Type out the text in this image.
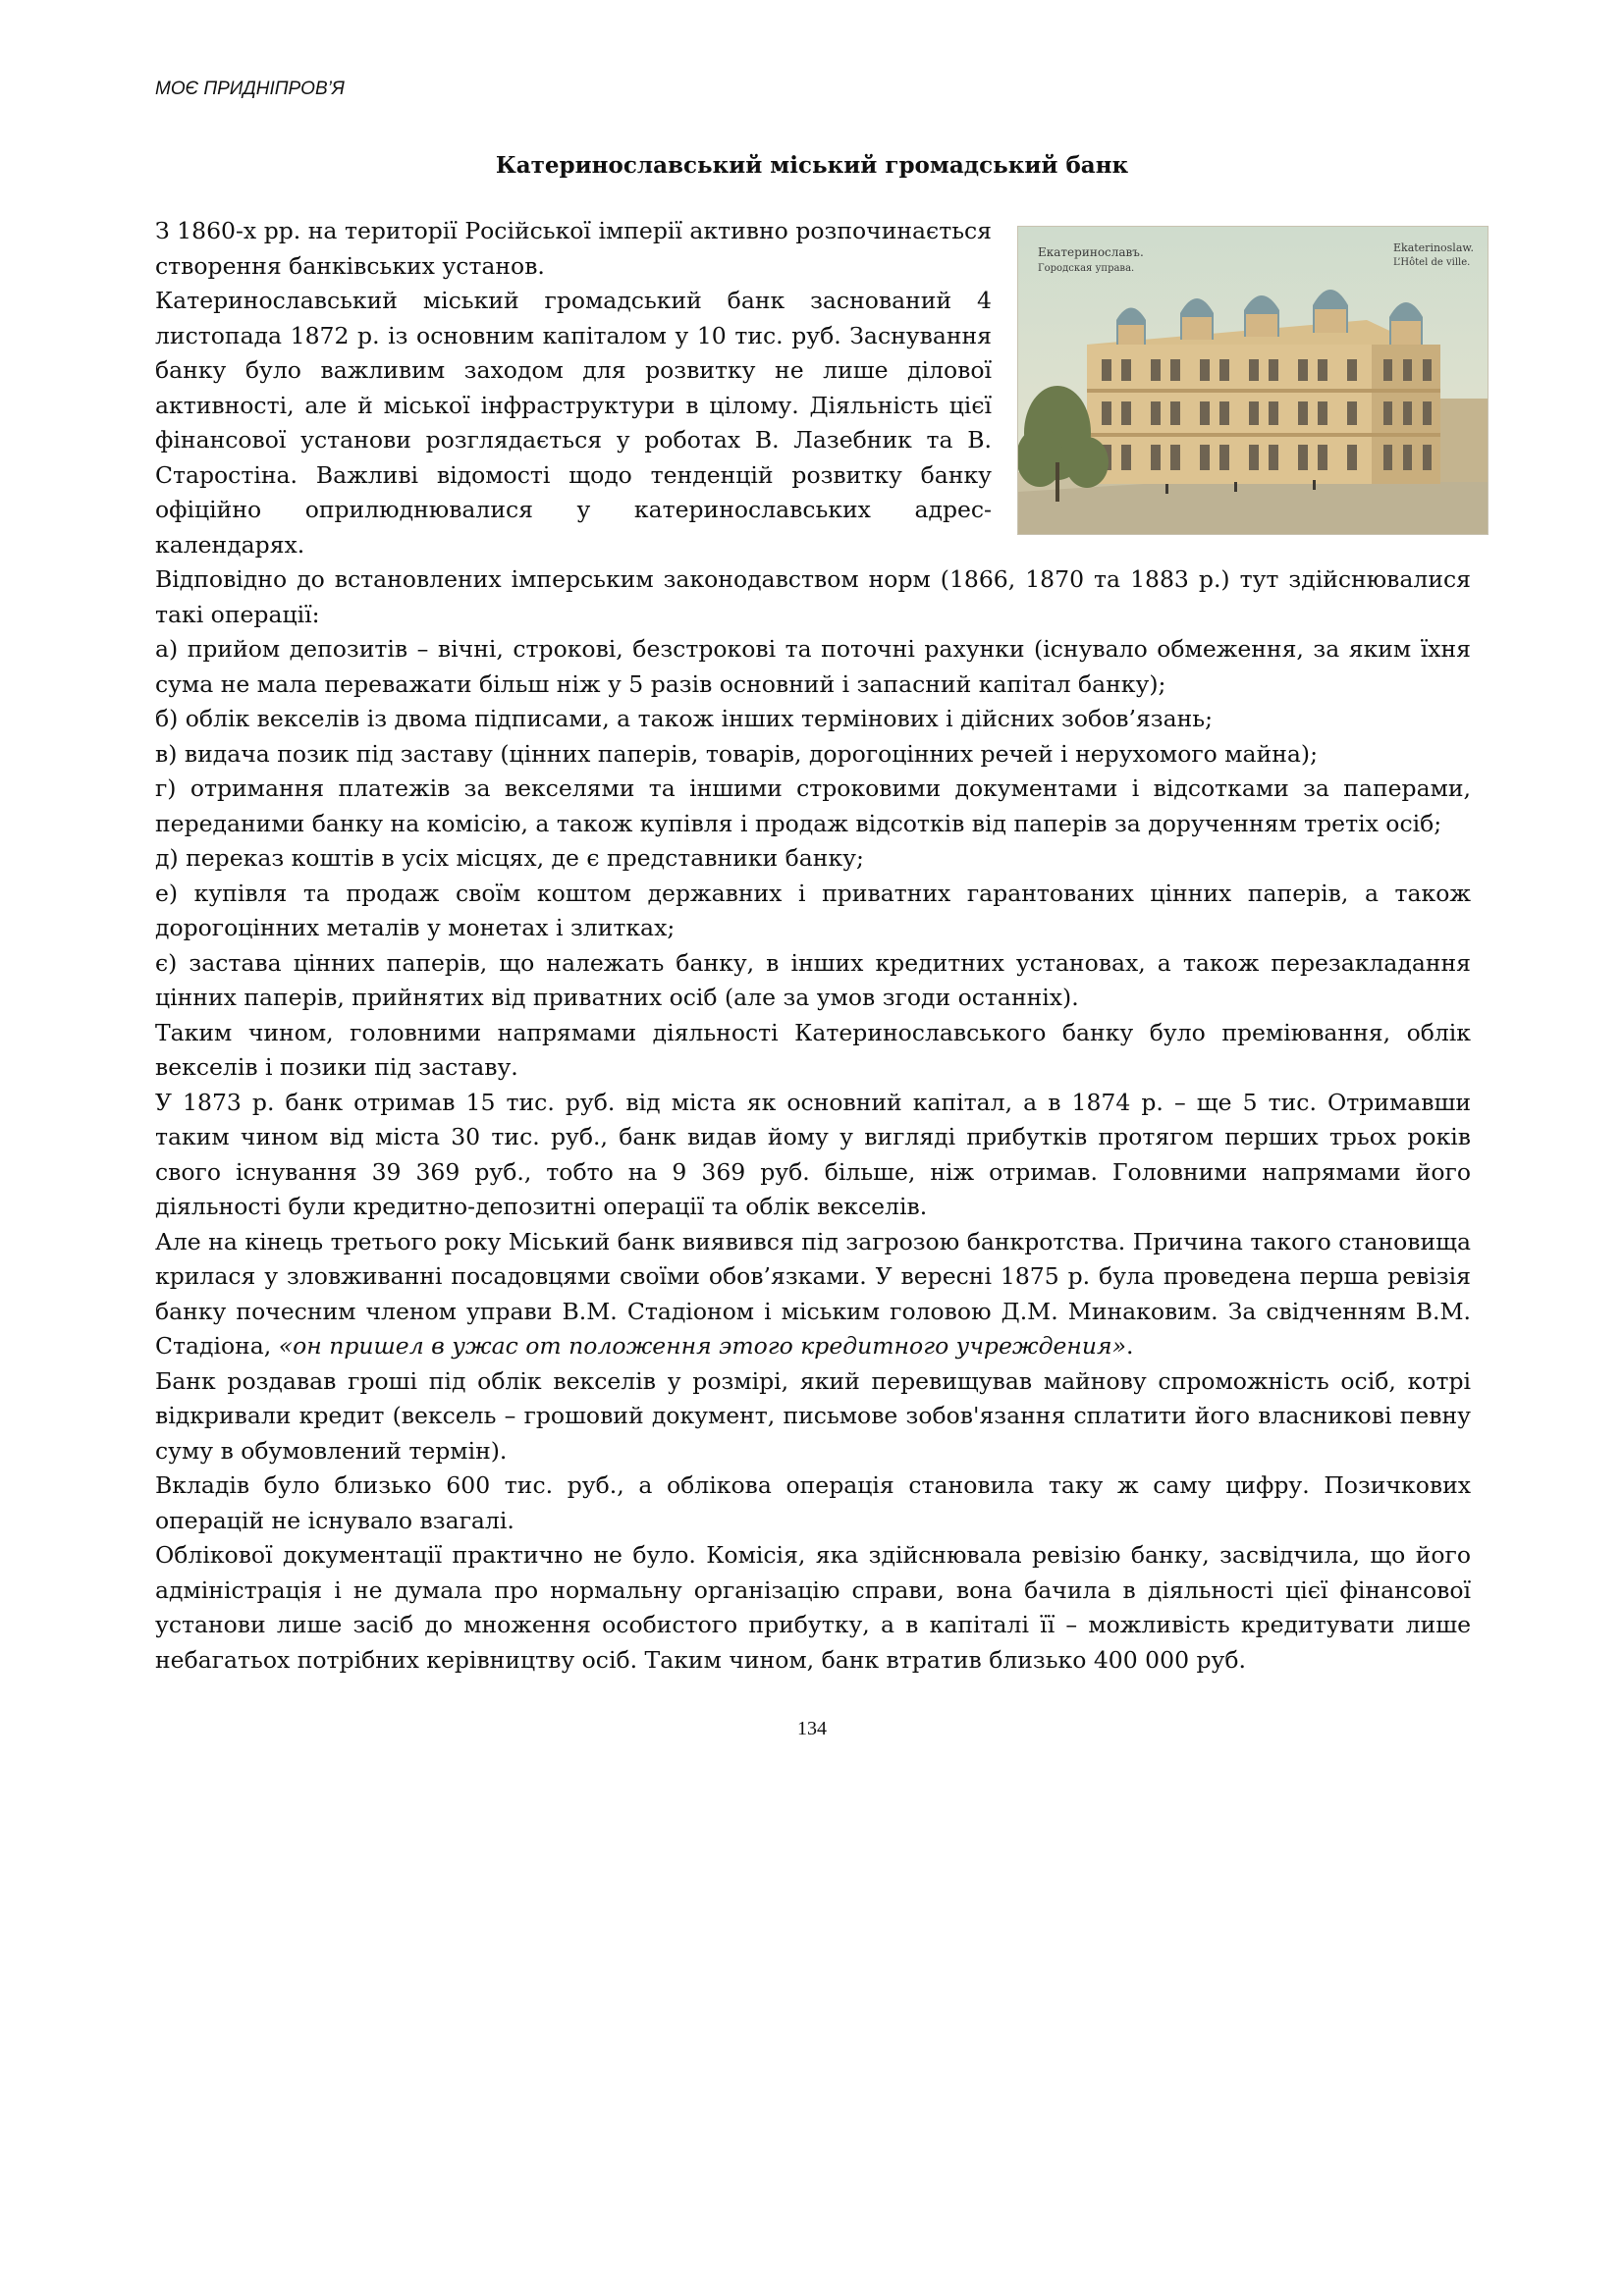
МОЄ ПРИДНІПРОВ’Я
Катеринославський міський громадський банк

З 1860-х рр. на території Російської імперії активно розпочинається створення банківських установ.

Катеринославський міський громадський банк заснований 4 листопада 1872 р. із основним капіталом у 10 тис. руб. Заснування банку було важливим заходом для розвитку не лише ділової активності, але й міської інфраструктури в цілому. Діяльність цієї фінансової установи розглядається у роботах В. Лазебник та В. Старостіна. Важливі відомості щодо тенденцій розвитку банку офіційно оприлюднювалися у катеринославських адрес-календарях.

Екатеринославъ.
Городская управа.
Ekaterinoslaw.
L’Hôtel de ville.

Відповідно до встановлених імперським законодавством норм (1866, 1870 та 1883 р.) тут здійснювалися такі операції:

а) прийом депозитів – вічні, строкові, безстрокові та поточні рахунки (існувало обмеження, за яким їхня сума не мала переважати більш ніж у 5 разів основний і запасний капітал банку);

б) облік векселів із двома підписами, а також інших термінових і дійсних зобов’язань;

в) видача позик під заставу (цінних паперів, товарів, дорогоцінних речей і нерухомого майна);

г) отримання платежів за векселями та іншими строковими документами і відсотками за паперами, переданими банку на комісію, а також купівля і продаж відсотків від паперів за дорученням третіх осіб;

д) переказ коштів в усіх місцях, де є представники банку;

е) купівля та продаж своїм коштом державних і приватних гарантованих цінних паперів, а також дорогоцінних металів у монетах і злитках;

є) застава цінних паперів, що належать банку, в інших кредитних установах, а також перезакладання цінних паперів, прийнятих від приватних осіб (але за умов згоди останніх).

Таким чином, головними напрямами діяльності Катеринославського банку було преміювання, облік векселів і позики під заставу.

У 1873 р. банк отримав 15 тис. руб. від міста як основний капітал, а в 1874 р. – ще 5 тис. Отримавши таким чином від міста 30 тис. руб., банк видав йому у вигляді прибутків протягом перших трьох років свого існування 39 369 руб., тобто на 9 369 руб. більше, ніж отримав. Головними напрямами його діяльності були кредитно-депозитні операції та облік векселів.

Але на кінець третього року Міський банк виявився під загрозою банкротства. Причина такого становища крилася у зловживанні посадовцями своїми обов’язками. У вересні 1875 р. була проведена перша ревізія банку почесним членом управи В.М. Стадіоном і міським головою Д.М. Минаковим. За свідченням В.М. Стадіона, «он пришел в ужас от положення этого кредитного учреждения».

Банк роздавав гроші під облік векселів у розмірі, який перевищував майнову спроможність осіб, котрі відкривали кредит (вексель – грошовий документ, письмове зобов'язання сплатити його власникові певну суму в обумовлений термін).

Вкладів було близько 600 тис. руб., а облікова операція становила таку ж саму цифру. Позичкових операцій не існувало взагалі.

Облікової документації практично не було. Комісія, яка здійснювала ревізію банку, засвідчила, що його адміністрація і не думала про нормальну організацію справи, вона бачила в діяльності цієї фінансової установи лише засіб до множення особистого прибутку, а в капіталі її – можливість кредитувати лише небагатьох потрібних керівництву осіб. Таким чином, банк втратив близько 400 000 руб.

134
